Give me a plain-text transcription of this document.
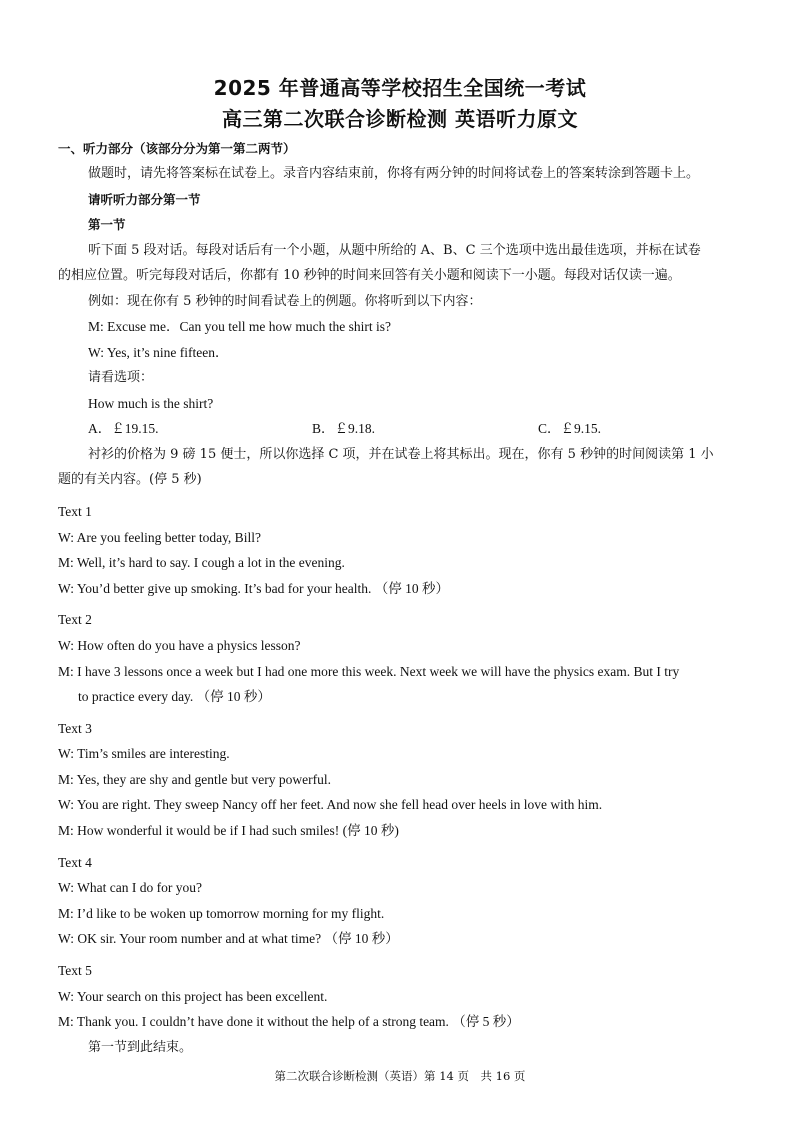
2025 年普通高等学校招生全国统一考试
高三第二次联合诊断检测 英语听力原文
一、听力部分（该部分分为第一第二两节）
做题时，请先将答案标在试卷上。录音内容结束前，你将有两分钟的时间将试卷上的答案转涂到答题卡上。
请听听力部分第一节
第一节
听下面 5 段对话。每段对话后有一个小题，从题中所给的 A、B、C 三个选项中选出最佳选项，并标在试卷
的相应位置。听完每段对话后，你都有 10 秒钟的时间来回答有关小题和阅读下一小题。每段对话仅读一遍。
例如：现在你有 5 秒钟的时间看试卷上的例题。你将听到以下内容：
M: Excuse me．Can you tell me how much the shirt is?
W: Yes, it’s nine fifteen．
请看选项：
How much is the shirt?
A．￡19.15.	B．￡9.18.	C．￡9.15.
衬衫的价格为 9 磅 15 便士，所以你选择 C 项，并在试卷上将其标出。现在，你有 5 秒钟的时间阅读第 1 小
题的有关内容。(停 5 秒)
Text 1
W: Are you feeling better today, Bill?
M: Well, it’s hard to say. I cough a lot in the evening.
W: You’d better give up smoking. It’s bad for your health. （停 10 秒）
Text 2
W: How often do you have a physics lesson?
M: I have 3 lessons once a week but I had one more this week. Next week we will have the physics exam. But I try
to practice every day. （停 10 秒）
Text 3
W: Tim’s smiles are interesting.
M: Yes, they are shy and gentle but very powerful.
W: You are right. They sweep Nancy off her feet. And now she fell head over heels in love with him.
M: How wonderful it would be if I had such smiles! (停 10 秒)
Text 4
W: What can I do for you?
M: I’d like to be woken up tomorrow morning for my flight.
W: OK sir. Your room number and at what time? （停 10 秒）
Text 5
W: Your search on this project has been excellent.
M: Thank you. I couldn’t have done it without the help of a strong team. （停 5 秒）
第一节到此结束。
第二次联合诊断检测（英语）第 14 页　共 16 页
